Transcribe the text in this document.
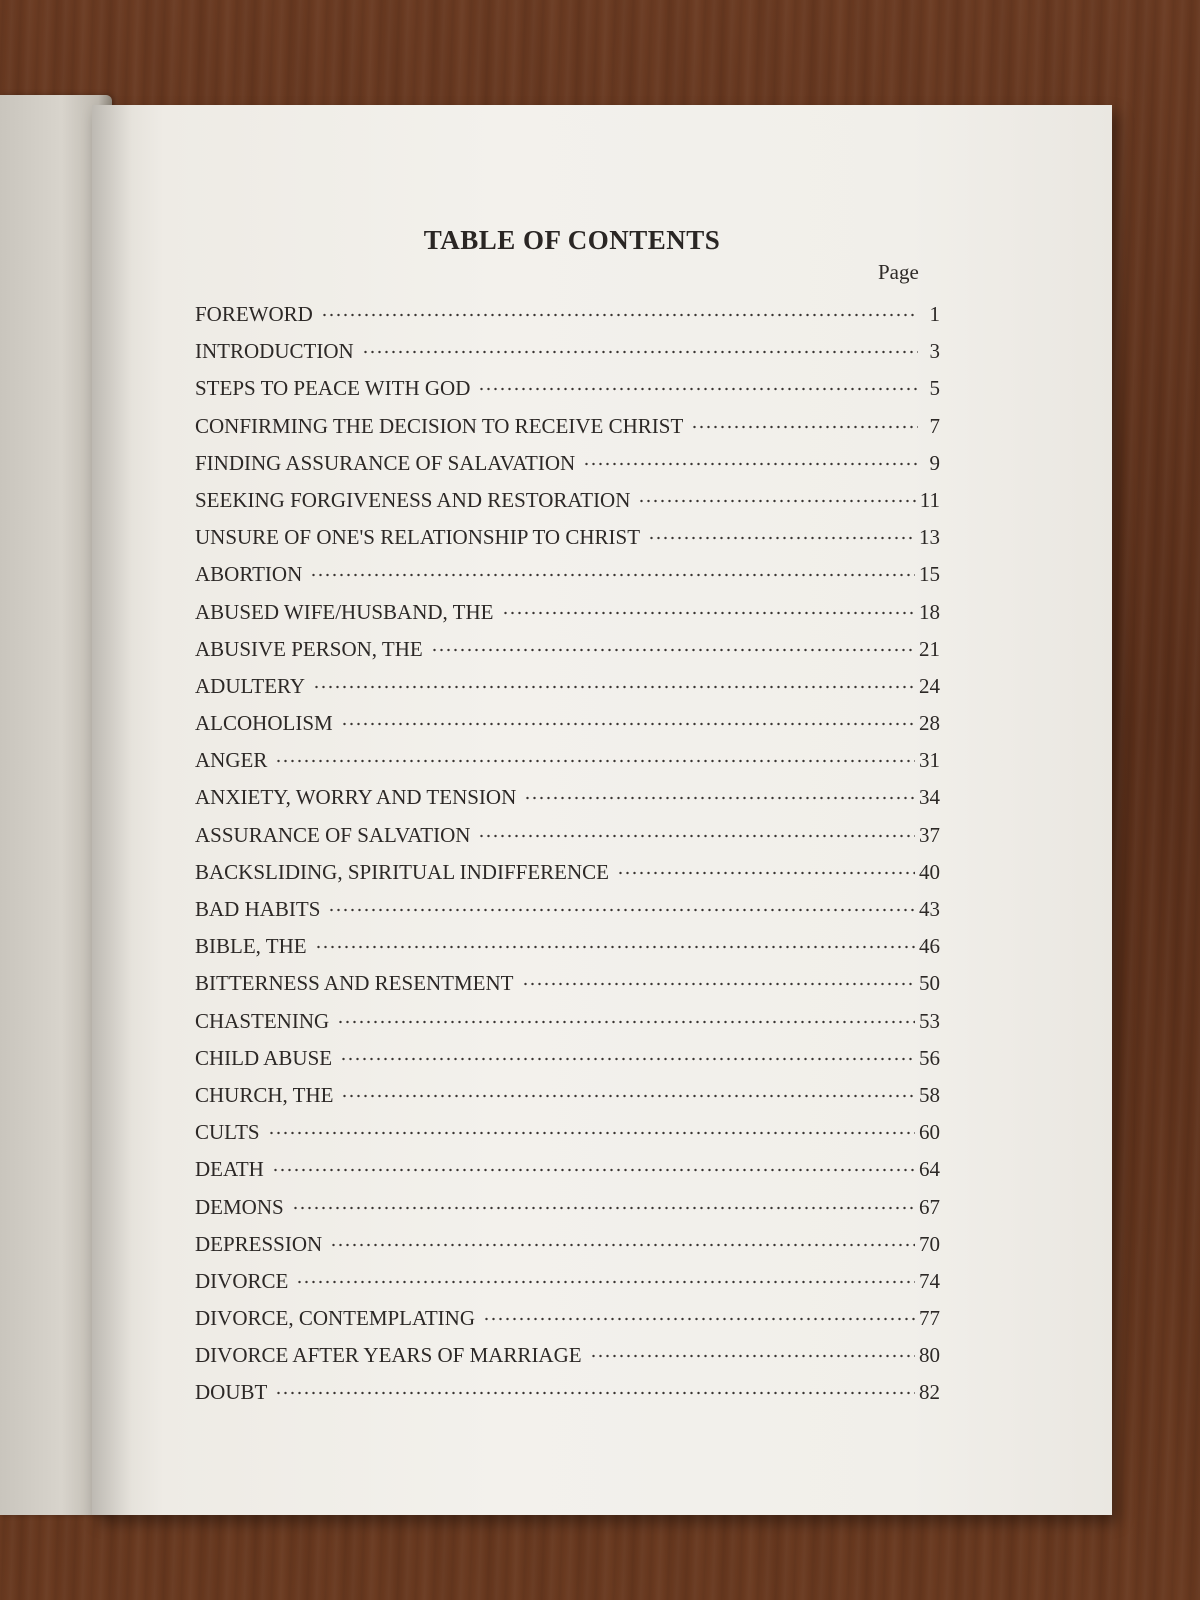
TABLE OF CONTENTS
Page
FOREWORD	1
INTRODUCTION	3
STEPS TO PEACE WITH GOD	5
CONFIRMING THE DECISION TO RECEIVE CHRIST	7
FINDING ASSURANCE OF SALAVATION	9
SEEKING FORGIVENESS AND RESTORATION	11
UNSURE OF ONE'S RELATIONSHIP TO CHRIST	13
ABORTION	15
ABUSED WIFE/HUSBAND, THE	18
ABUSIVE PERSON, THE	21
ADULTERY	24
ALCOHOLISM	28
ANGER	31
ANXIETY, WORRY AND TENSION	34
ASSURANCE OF SALVATION	37
BACKSLIDING, SPIRITUAL INDIFFERENCE	40
BAD HABITS	43
BIBLE, THE	46
BITTERNESS AND RESENTMENT	50
CHASTENING	53
CHILD ABUSE	56
CHURCH, THE	58
CULTS	60
DEATH	64
DEMONS	67
DEPRESSION	70
DIVORCE	74
DIVORCE, CONTEMPLATING	77
DIVORCE AFTER YEARS OF MARRIAGE	80
DOUBT	82
